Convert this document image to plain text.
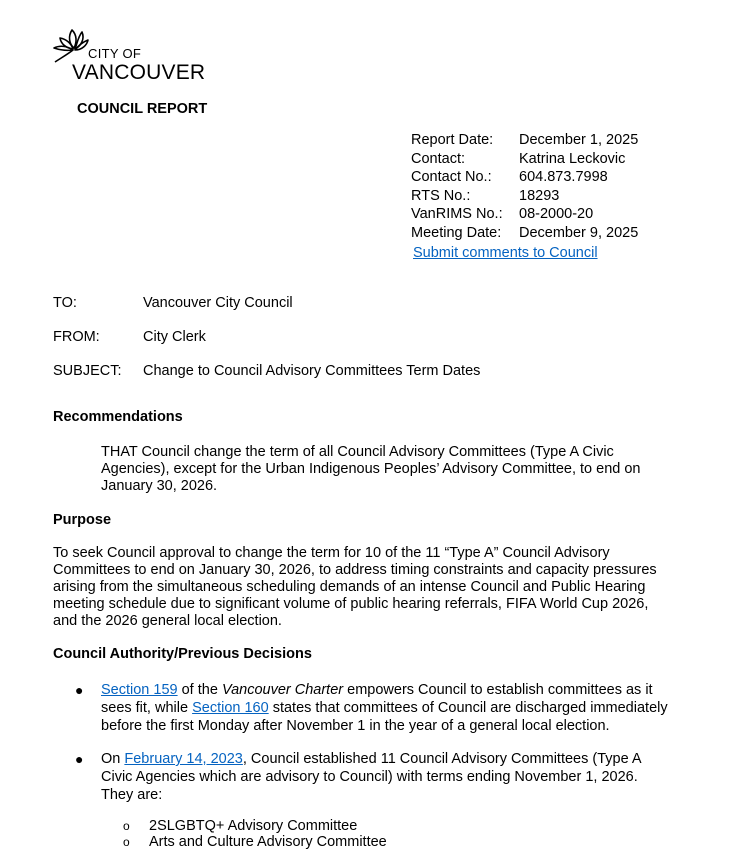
CITY OF
VANCOUVER
COUNCIL REPORT
Report Date:	December 1, 2025
Contact:	Katrina Leckovic
Contact No.:	604.873.7998
RTS No.:	18293
VanRIMS No.:	08-2000-20
Meeting Date:	December 9, 2025
Submit comments to Council
TO:	Vancouver City Council
FROM:	City Clerk
SUBJECT:	Change to Council Advisory Committees Term Dates
Recommendations
THAT Council change the term of all Council Advisory Committees (Type A Civic
Agencies), except for the Urban Indigenous Peoples’ Advisory Committee, to end on
January 30, 2026.
Purpose
To seek Council approval to change the term for 10 of the 11 “Type A” Council Advisory
Committees to end on January 30, 2026, to address timing constraints and capacity pressures
arising from the simultaneous scheduling demands of an intense Council and Public Hearing
meeting schedule due to significant volume of public hearing referrals, FIFA World Cup 2026,
and the 2026 general local election.
Council Authority/Previous Decisions
● Section 159 of the Vancouver Charter empowers Council to establish committees as it
sees fit, while Section 160 states that committees of Council are discharged immediately
before the first Monday after November 1 in the year of a general local election.
● On February 14, 2023, Council established 11 Council Advisory Committees (Type A
Civic Agencies which are advisory to Council) with terms ending November 1, 2026.
They are:
o 2SLGBTQ+ Advisory Committee
o Arts and Culture Advisory Committee
